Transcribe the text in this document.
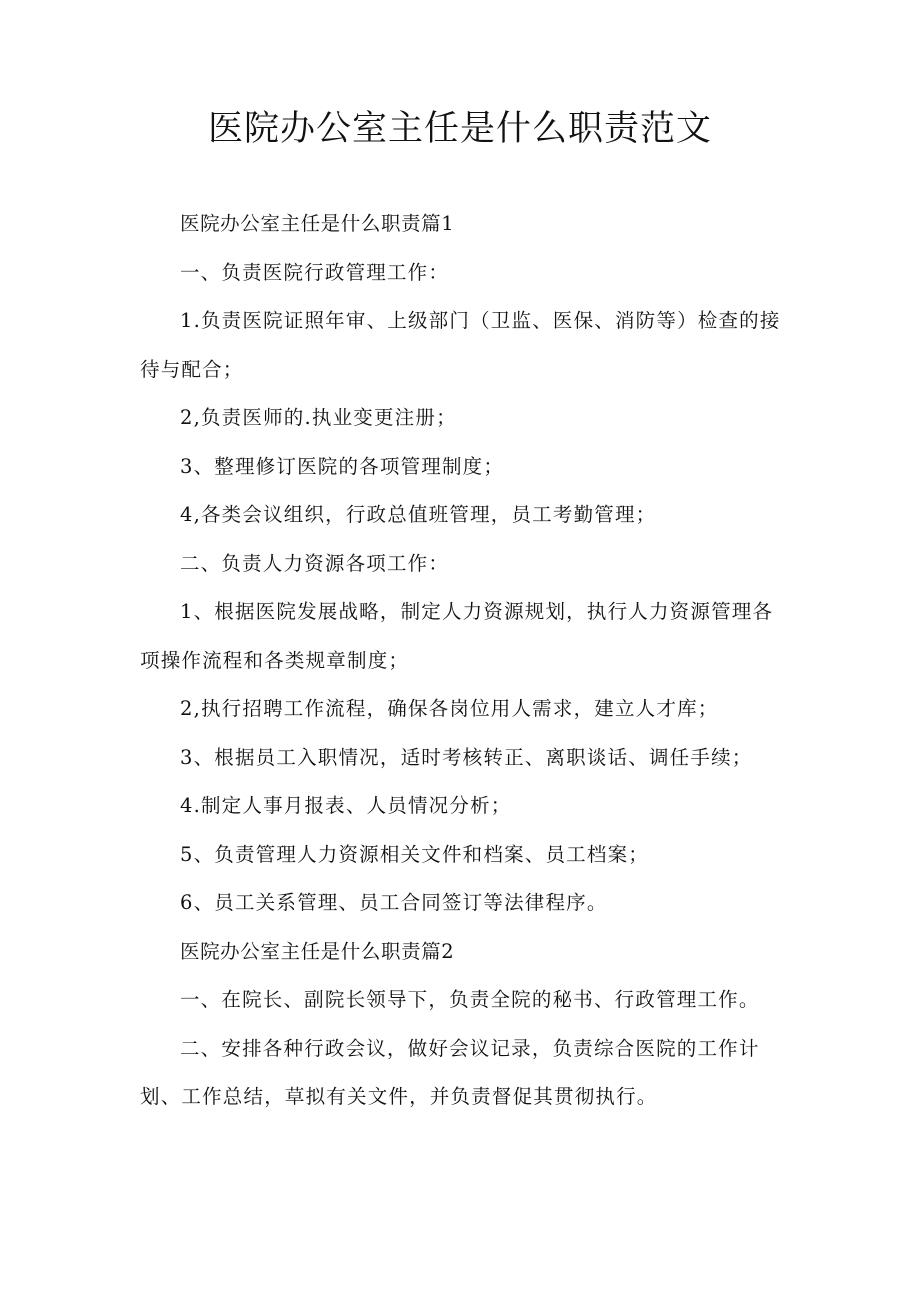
医院办公室主任是什么职责范文

医院办公室主任是什么职责篇1

一、负责医院行政管理工作：

1.负责医院证照年审、上级部门（卫监、医保、消防等）检查的接待与配合；

2,负责医师的.执业变更注册；

3、整理修订医院的各项管理制度；

4,各类会议组织，行政总值班管理，员工考勤管理；

二、负责人力资源各项工作：

1、根据医院发展战略，制定人力资源规划，执行人力资源管理各项操作流程和各类规章制度；

2,执行招聘工作流程，确保各岗位用人需求，建立人才库；

3、根据员工入职情况，适时考核转正、离职谈话、调任手续；

4.制定人事月报表、人员情况分析；

5、负责管理人力资源相关文件和档案、员工档案；

6、员工关系管理、员工合同签订等法律程序。

医院办公室主任是什么职责篇2

一、在院长、副院长领导下，负责全院的秘书、行政管理工作。

二、安排各种行政会议，做好会议记录，负责综合医院的工作计划、工作总结，草拟有关文件，并负责督促其贯彻执行。
